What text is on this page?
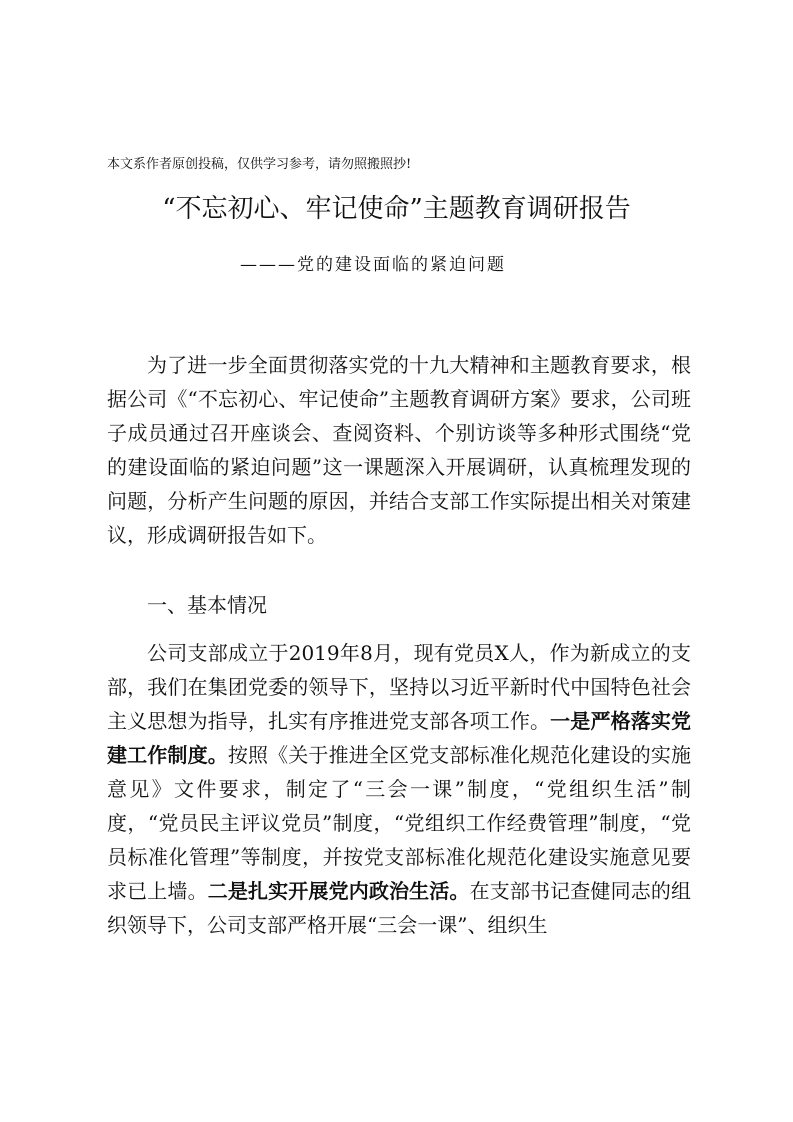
本文系作者原创投稿，仅供学习参考，请勿照搬照抄!
“不忘初心、牢记使命”主题教育调研报告
———党的建设面临的紧迫问题

为了进一步全面贯彻落实党的十九大精神和主题教育要求，根据公司《“不忘初心、牢记使命”主题教育调研方案》要求，公司班子成员通过召开座谈会、查阅资料、个别访谈等多种形式围绕“党的建设面临的紧迫问题”这一课题深入开展调研，认真梳理发现的问题，分析产生问题的原因，并结合支部工作实际提出相关对策建议，形成调研报告如下。

一、基本情况

公司支部成立于2019年8月，现有党员X人，作为新成立的支部，我们在集团党委的领导下，坚持以习近平新时代中国特色社会主义思想为指导，扎实有序推进党支部各项工作。一是严格落实党建工作制度。按照《关于推进全区党支部标准化规范化建设的实施意见》文件要求，制定了“三会一课”制度，“党组织生活”制度，“党员民主评议党员”制度，“党组织工作经费管理”制度，“党员标准化管理”等制度，并按党支部标准化规范化建设实施意见要求已上墙。二是扎实开展党内政治生活。在支部书记查健同志的组织领导下，公司支部严格开展“三会一课”、组织生
